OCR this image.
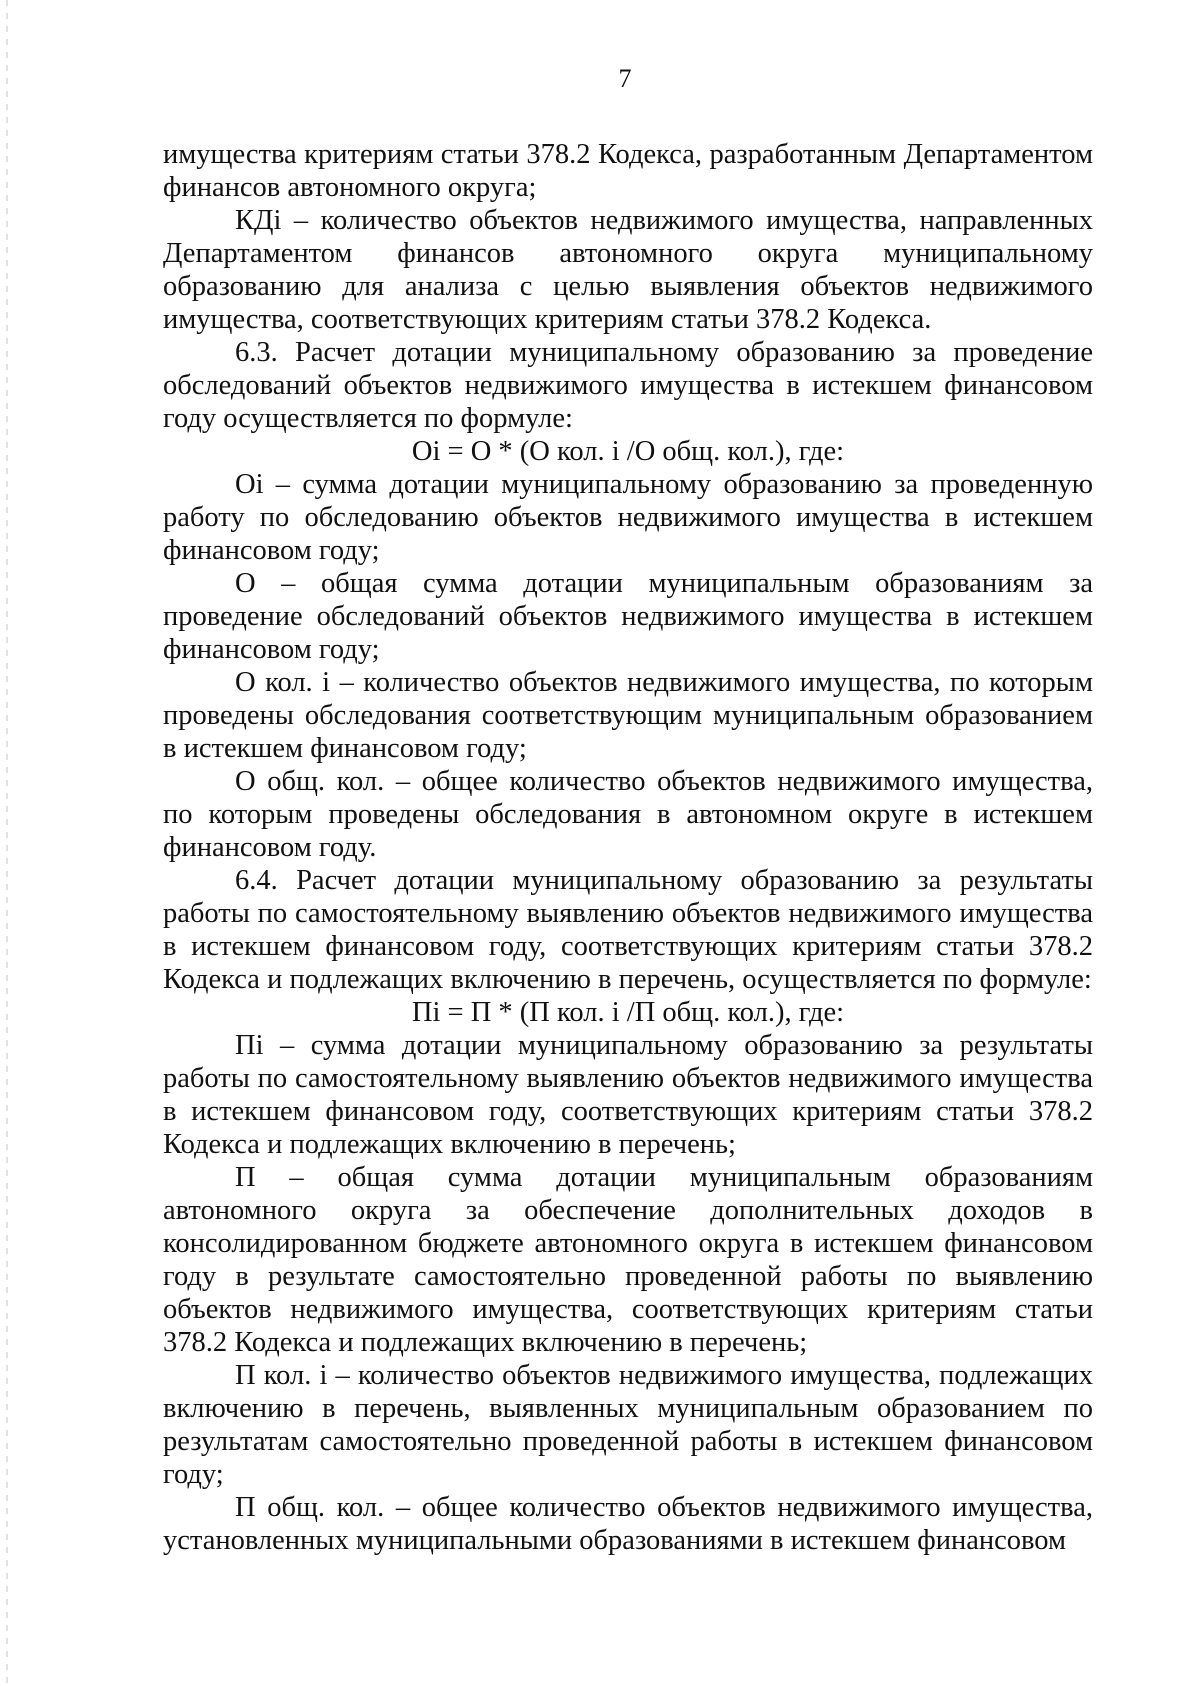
7

имущества критериям статьи 378.2 Кодекса, разработанным Департаментом финансов автономного округа;

КДi – количество объектов недвижимого имущества, направленных Департаментом финансов автономного округа муниципальному образованию для анализа с целью выявления объектов недвижимого имущества, соответствующих критериям статьи 378.2 Кодекса.

6.3. Расчет дотации муниципальному образованию за проведение обследований объектов недвижимого имущества в истекшем финансовом году осуществляется по формуле:

Оi = О * (О кол. i /О общ. кол.), где:

Оi – сумма дотации муниципальному образованию за проведенную работу по обследованию объектов недвижимого имущества в истекшем финансовом году;

О – общая сумма дотации муниципальным образованиям за проведение обследований объектов недвижимого имущества в истекшем финансовом году;

О кол. i – количество объектов недвижимого имущества, по которым проведены обследования соответствующим муниципальным образованием в истекшем финансовом году;

О общ. кол. – общее количество объектов недвижимого имущества, по которым проведены обследования в автономном округе в истекшем финансовом году.

6.4. Расчет дотации муниципальному образованию за результаты работы по самостоятельному выявлению объектов недвижимого имущества в истекшем финансовом году, соответствующих критериям статьи 378.2 Кодекса и подлежащих включению в перечень, осуществляется по формуле:

Пi = П * (П кол. i /П общ. кол.), где:

Пi – сумма дотации муниципальному образованию за результаты работы по самостоятельному выявлению объектов недвижимого имущества в истекшем финансовом году, соответствующих критериям статьи 378.2 Кодекса и подлежащих включению в перечень;

П – общая сумма дотации муниципальным образованиям автономного округа за обеспечение дополнительных доходов в консолидированном бюджете автономного округа в истекшем финансовом году в результате самостоятельно проведенной работы по выявлению объектов недвижимого имущества, соответствующих критериям статьи 378.2 Кодекса и подлежащих включению в перечень;

П кол. i – количество объектов недвижимого имущества, подлежащих включению в перечень, выявленных муниципальным образованием по результатам самостоятельно проведенной работы в истекшем финансовом году;

П общ. кол. – общее количество объектов недвижимого имущества, установленных муниципальными образованиями в истекшем финансовом
